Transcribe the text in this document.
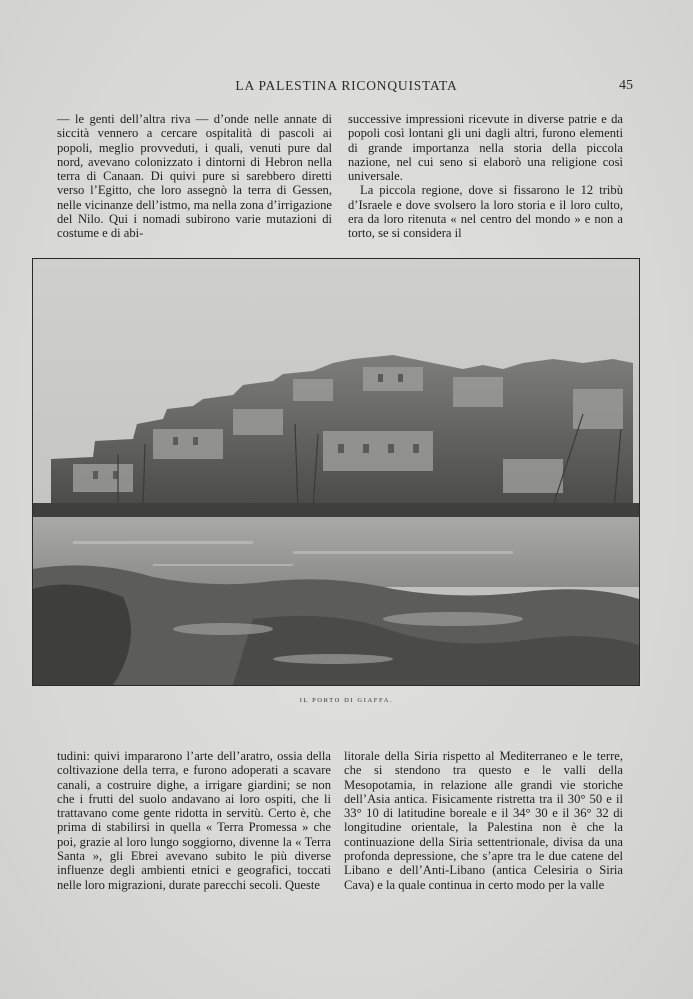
LA PALESTINA RICONQUISTATA	45

— le genti dell’altra riva — d’onde nelle annate di siccità vennero a cercare ospitalità di pascoli ai popoli, meglio provveduti, i quali, venuti pure dal nord, avevano colonizzato i dintorni di Hebron nella terra di Canaan. Di quivi pure si sarebbero diretti verso l’Egitto, che loro assegnò la terra di Gessen, nelle vicinanze dell’istmo, ma nella zona d’irrigazione del Nilo. Qui i nomadi subirono varie mutazioni di costume e di abi-

successive impressioni ricevute in diverse patrie e da popoli così lontani gli uni dagli altri, furono elementi di grande importanza nella storia della piccola nazione, nel cui seno si elaborò una religione così universale.

La piccola regione, dove si fissarono le 12 tribù d’Israele e dove svolsero la loro storia e il loro culto, era da loro ritenuta « nel centro del mondo » e non a torto, se si considera il

IL PORTO DI GIAFFA.

tudini: quivi impararono l’arte dell’aratro, ossia della coltivazione della terra, e furono adoperati a scavare canali, a costruire dighe, a irrigare giardini; se non che i frutti del suolo andavano ai loro ospiti, che li trattavano come gente ridotta in servitù. Certo è, che prima di stabilirsi in quella « Terra Promessa » che poi, grazie al loro lungo soggiorno, divenne la « Terra Santa », gli Ebrei avevano subito le più diverse influenze degli ambienti etnici e geografici, toccati nelle loro migrazioni, durate parecchi secoli. Queste

litorale della Siria rispetto al Mediterraneo e le terre, che si stendono tra questo e le valli della Mesopotamia, in relazione alle grandi vie storiche dell’Asia antica. Fisicamente ristretta tra il 30° 50 e il 33° 10 di latitudine boreale e il 34° 30 e il 36° 32 di longitudine orientale, la Palestina non è che la continuazione della Siria settentrionale, divisa da una profonda depressione, che s’apre tra le due catene del Libano e dell’Anti-Libano (antica Celesiria o Siria Cava) e la quale continua in certo modo per la valle
